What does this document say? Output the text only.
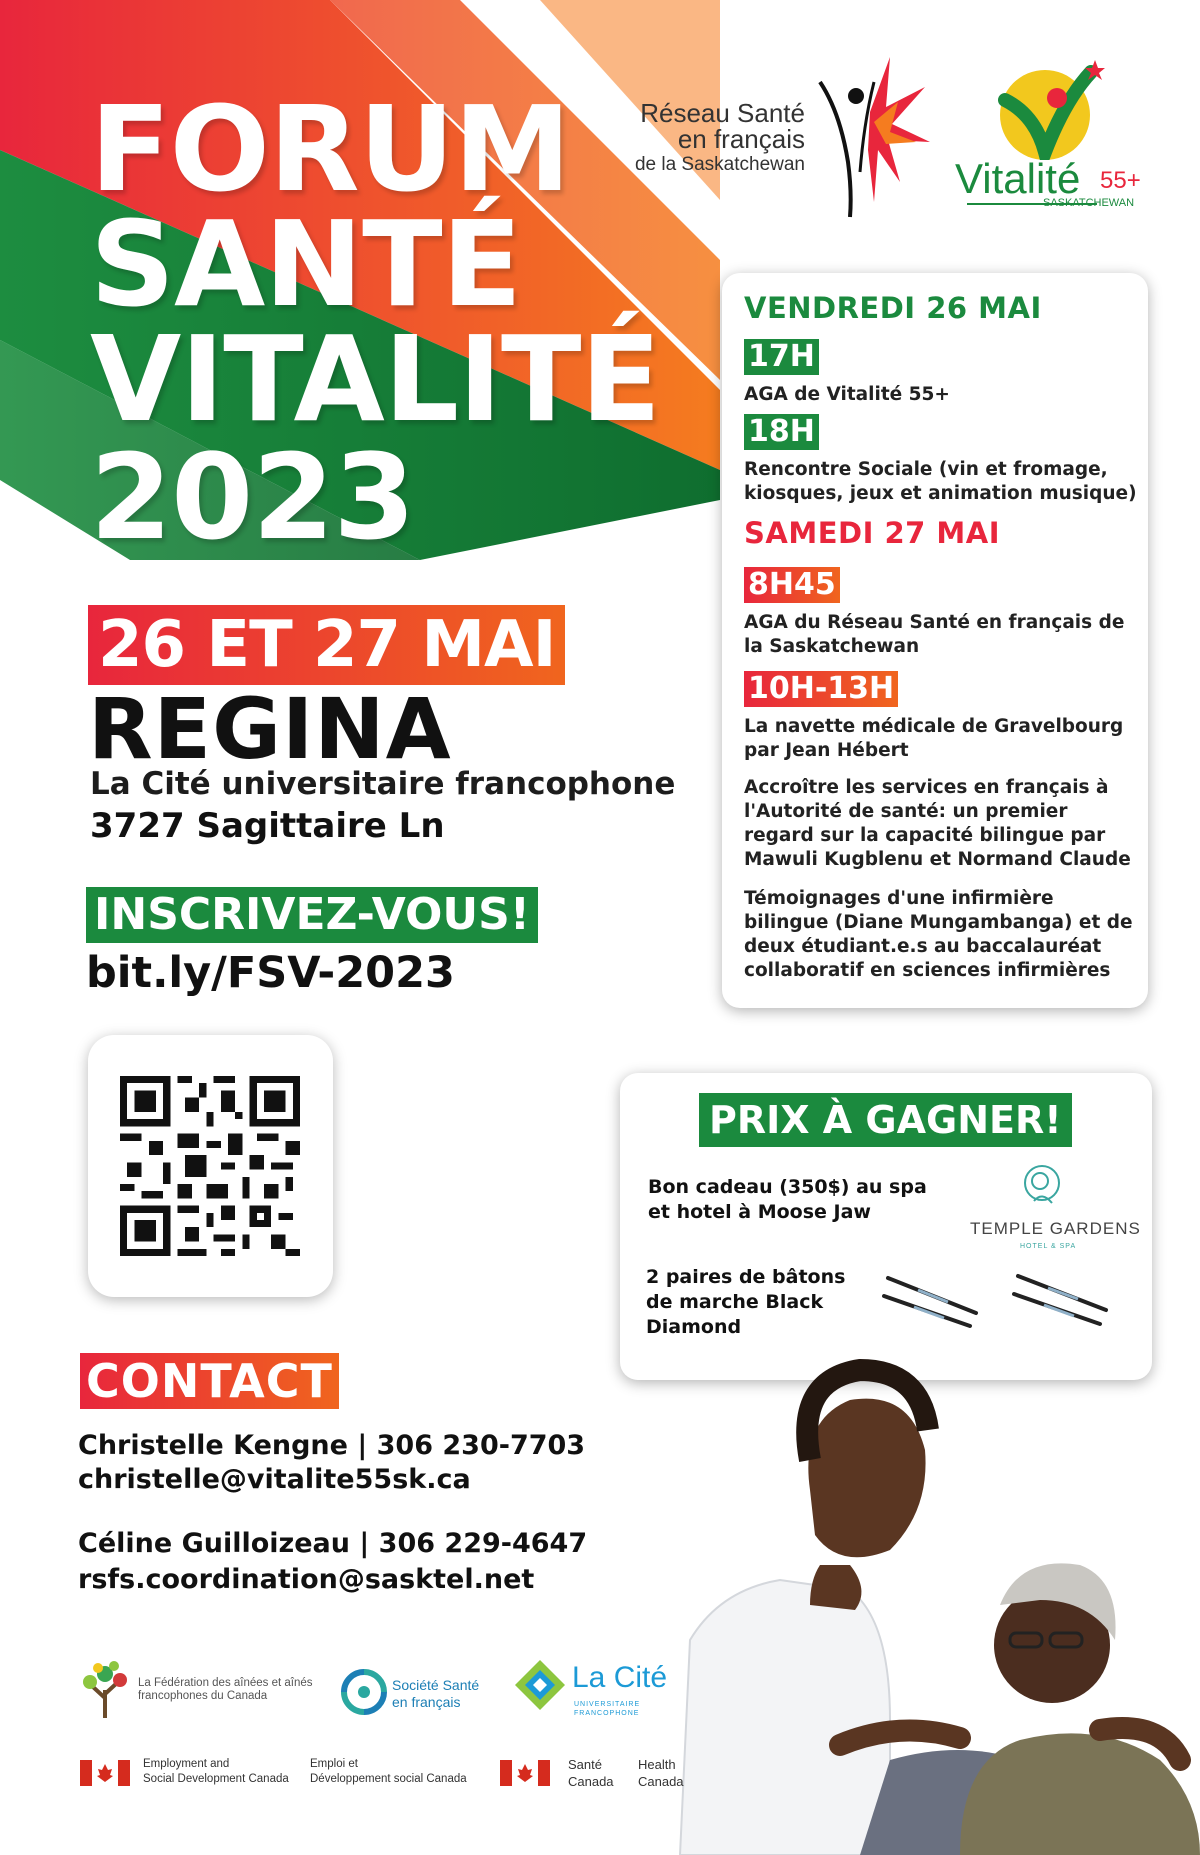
FORUM
SANTÉ
VITALITÉ
2023
Réseau Santé
en français
de la Saskatchewan	Vitalité 55+
SASKATCHEWAN
26 ET 27 MAI
REGINA
La Cité universitaire francophone
3727 Sagittaire Ln
INSCRIVEZ-VOUS!
bit.ly/FSV-2023
CONTACT
Christelle Kengne | 306 230-7703
christelle@vitalite55sk.ca
Céline Guilloizeau | 306 229-4647
rsfs.coordination@sasktel.net
VENDREDI 26 MAI
17H
AGA de Vitalité 55+
18H
Rencontre Sociale (vin et fromage, kiosques, jeux et animation musique)
SAMEDI 27 MAI
8H45
AGA du Réseau Santé en français de la Saskatchewan
10H-13H
La navette médicale de Gravelbourg par Jean Hébert
Accroître les services en français à l'Autorité de santé: un premier regard sur la capacité bilingue par Mawuli Kugblenu et Normand Claude
Témoignages d'une infirmière bilingue (Diane Mungambanga) et de deux étudiant.e.s au baccalauréat collaboratif en sciences infirmières
PRIX À GAGNER!
Bon cadeau (350$) au spa et hotel à Moose Jaw
TEMPLE GARDENS
HOTEL & SPA
2 paires de bâtons de marche Black Diamond
La Fédération des aînées et aînés
francophones du Canada
Société Santé
en français
La Cité
UNIVERSITAIRE
FRANCOPHONE
Employment and
Social Development Canada
Emploi et
Développement social Canada
Santé
Canada
Health
Canada
